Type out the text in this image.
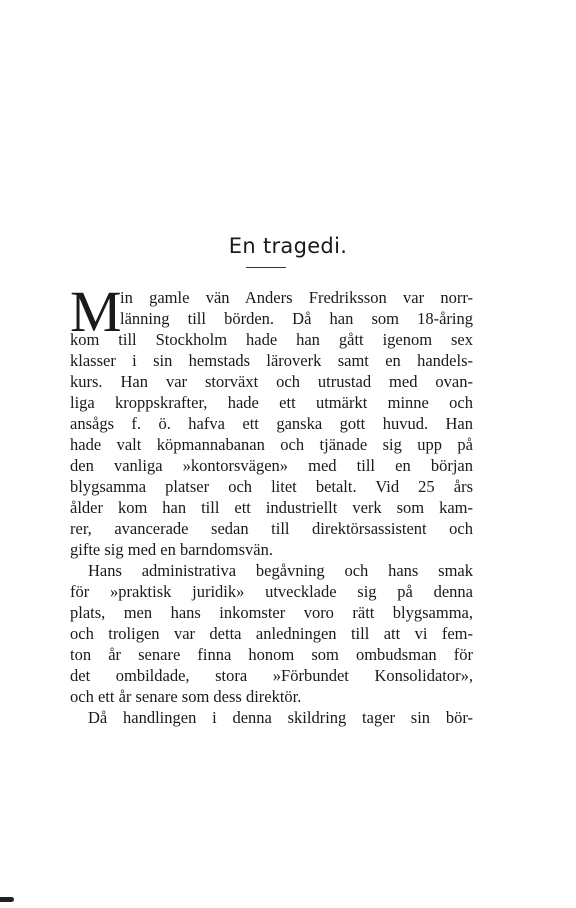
En tragedi.
M
in gamle vän Anders Fredriksson var norr-
länning till börden. Då han som 18-åring
kom till Stockholm hade han gått igenom sex
klasser i sin hemstads läroverk samt en handels-
kurs. Han var storväxt och utrustad med ovan-
liga kroppskrafter, hade ett utmärkt minne och
ansågs f. ö. hafva ett ganska gott huvud. Han
hade valt köpmannabanan och tjänade sig upp på
den vanliga »kontorsvägen» med till en början
blygsamma platser och litet betalt. Vid 25 års
ålder kom han till ett industriellt verk som kam-
rer, avancerade sedan till direktörsassistent och
gifte sig med en barndomsvän.
Hans administrativa begåvning och hans smak
för »praktisk juridik» utvecklade sig på denna
plats, men hans inkomster voro rätt blygsamma,
och troligen var detta anledningen till att vi fem-
ton år senare finna honom som ombudsman för
det ombildade, stora »Förbundet Konsolidator»,
och ett år senare som dess direktör.
Då handlingen i denna skildring tager sin bör-
